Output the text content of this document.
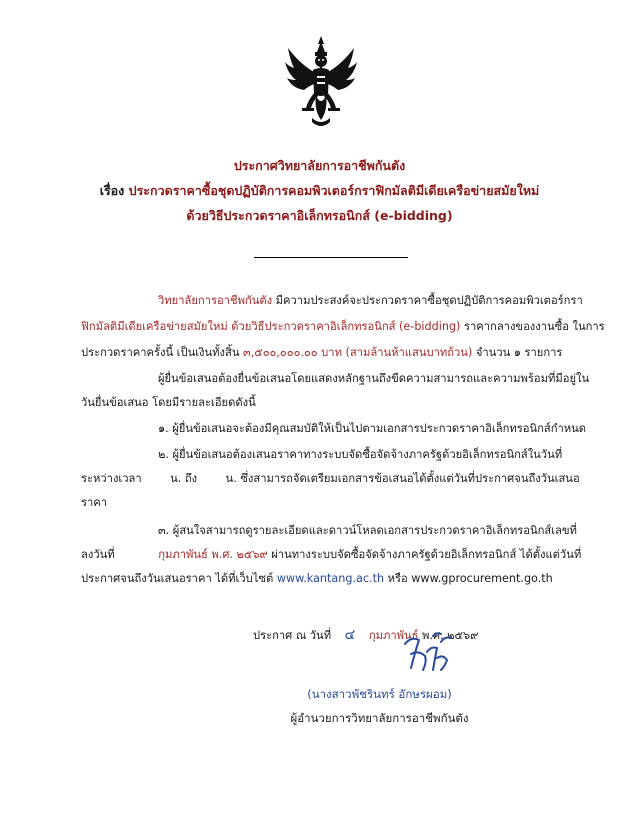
ประกาศวิทยาลัยการอาชีพกันตัง
เรื่อง ประกวดราคาซื้อชุดปฏิบัติการคอมพิวเตอร์กราฟิกมัลติมีเดียเครือข่ายสมัยใหม่
ด้วยวิธีประกวดราคาอิเล็กทรอนิกส์ (e-bidding)
วิทยาลัยการอาชีพกันตัง มีความประสงค์จะประกวดราคาซื้อชุดปฏิบัติการคอมพิวเตอร์กรา
ฟิกมัลติมีเดียเครือข่ายสมัยใหม่ ด้วยวิธีประกวดราคาอิเล็กทรอนิกส์ (e-bidding) ราคากลางของงานซื้อ ในการ
ประกวดราคาครั้งนี้ เป็นเงินทั้งสิ้น ๓,๕๐๐,๐๐๐.๐๐ บาท (สามล้านห้าแสนบาทถ้วน) จำนวน ๑ รายการ
ผู้ยื่นข้อเสนอต้องยื่นข้อเสนอโดยแสดงหลักฐานถึงขีดความสามารถและความพร้อมที่มีอยู่ใน
วันยื่นข้อเสนอ โดยมีรายละเอียดดังนี้
๑. ผู้ยื่นข้อเสนอจะต้องมีคุณสมบัติให้เป็นไปตามเอกสารประกวดราคาอิเล็กทรอนิกส์กำหนด
๒. ผู้ยื่นข้อเสนอต้องเสนอราคาทางระบบจัดซื้อจัดจ้างภาครัฐด้วยอิเล็กทรอนิกส์ในวันที่
ระหว่างเวลา        น. ถึง        น. ซึ่งสามารถจัดเตรียมเอกสารข้อเสนอได้ตั้งแต่วันที่ประกาศจนถึงวันเสนอ
ราคา
๓. ผู้สนใจสามารถดูรายละเอียดและดาวน์โหลดเอกสารประกวดราคาอิเล็กทรอนิกส์เลขที่
ลงวันที่	กุมภาพันธ์ พ.ศ. ๒๕๖๙ ผ่านทางระบบจัดซื้อจัดจ้างภาครัฐด้วยอิเล็กทรอนิกส์ ได้ตั้งแต่วันที่
ประกาศจนถึงวันเสนอราคา ได้ที่เว็บไซต์ www.kantang.ac.th หรือ www.gprocurement.go.th
ประกาศ ณ วันที่ ๔ กุมภาพันธ์ พ.ศ. ๒๕๖๙
(นางสาวพัชรินทร์ อักษรผอม)
ผู้อำนวยการวิทยาลัยการอาชีพกันตัง
